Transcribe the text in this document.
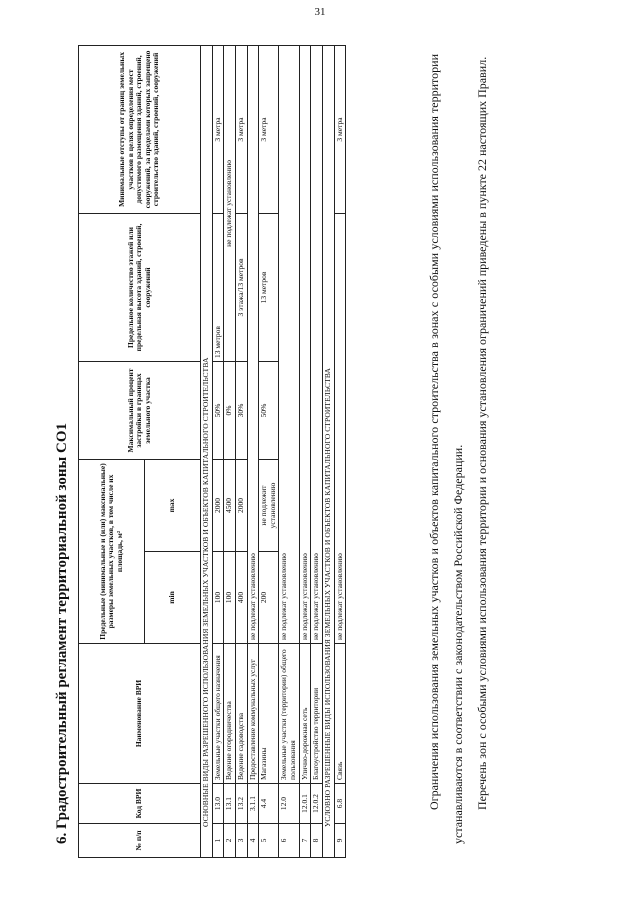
31
6. Градостроительный регламент территориальной зоны СО1	№ п/п	Код ВРИ	Наименование ВРИ	Предельные (минимальные и (или) максимальные) размеры земельных участков, в том числе их площадь, м²		Максимальный процент застройки в границах земельного участка	Предельное количество этажей или предельная высота зданий, строений, сооружений	Минимальные отступы от границ земельных участков в целях определения мест допустимого размещения зданий, строений, сооружений, за пределами которых запрещено строительство зданий, строений, сооружений
			min	max			
ОСНОВНЫЕ ВИДЫ РАЗРЕШЕННОГО ИСПОЛЬЗОВАНИЯ ЗЕМЕЛЬНЫХ УЧАСТКОВ И ОБЪЕКТОВ КАПИТАЛЬНОГО СТРОИТЕЛЬСТВА							
1	13.0	Земельные участки общего назначения	100	2000	50%	13 метров	3 метра
2	13.1	Ведение огородничества	100	4500	0%	не подлежат установлению	
3	13.2	Ведение садоводства	400	2000	30%	3 этажа/13 метров	3 метра
4	3.1.1	Предоставление коммунальных услуг	не подлежат установлению				
5	4.4	Магазины	200	не подлежит установлению	50%	13 метров	3 метра
6	12.0	Земельные участки (территории) общего пользования	не подлежат установлению				
7	12.0.1	Улично-дорожная сеть	не подлежат установлению				
8	12.0.2	Благоустройство территории	не подлежат установлению				
УСЛОВНО РАЗРЕШЕННЫЕ ВИДЫ ИСПОЛЬЗОВАНИЯ ЗЕМЕЛЬНЫХ УЧАСТКОВ И ОБЪЕКТОВ КАПИТАЛЬНОГО СТРОИТЕЛЬСТВА							
9	6.8	Связь	не подлежат установлению				3 метра	Ограничения использования земельных участков и объектов капитального строительства в зонах с особыми условиями использования территории устанавливаются в соответствии с законодательством Российской Федерации. Перечень зон с особыми условиями использования территории и основания установления ограничений приведены в пункте 22 настоящих Правил.
